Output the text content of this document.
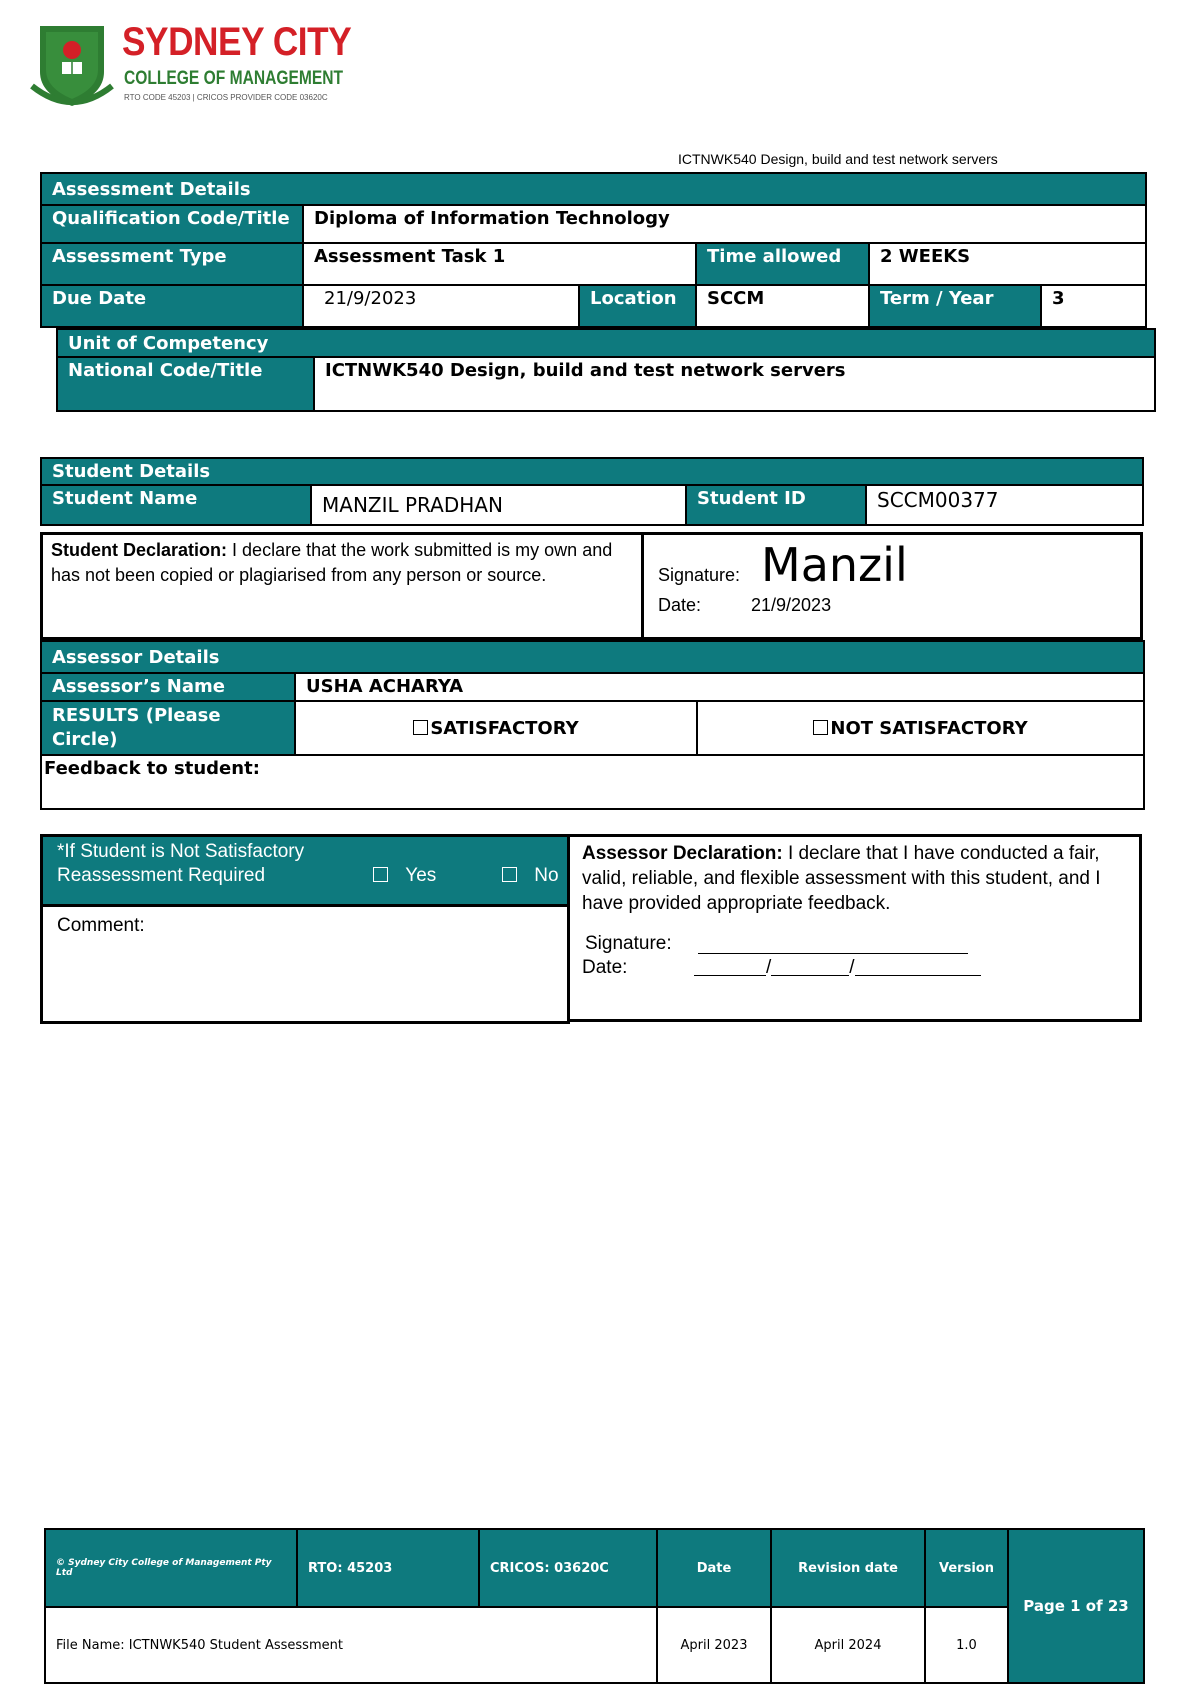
SYDNEY CITY
COLLEGE OF MANAGEMENT
RTO CODE 45203 | CRICOS PROVIDER CODE 03620C
ICTNWK540 Design, build and test network servers
Assessment Details					
Qualification Code/Title	Diploma of Information Technology				
Assessment Type	Assessment Task 1		Time allowed	2 WEEKS	
Due Date	21/9/2023	Location	SCCM	Term / Year	3
Unit of Competency
National Code/Title	ICTNWK540 Design, build and test network servers
Student Details
Student Name	MANZIL PRADHAN	Student ID	SCCM00377
Student Declaration: I declare that the work submitted is my own and has not been copied or plagiarised from any person or source.	Signature: Manzil
Date:	21/9/2023
Assessor Details		
Assessor’s Name	USHA ACHARYA	
RESULTS (Please Circle)	SATISFACTORY	NOT SATISFACTORY
Feedback to student:		
*If Student is Not Satisfactory
Reassessment Required	Yes	No
Comment:
Assessor Declaration: I declare that I have conducted a fair, valid, reliable, and flexible assessment with this student, and I have provided appropriate feedback.
Signature:
Date:	/	/
© Sydney City College of Management Pty Ltd	RTO: 45203	CRICOS: 03620C	Date	Revision date	Version	Page 1 of 23
File Name: ICTNWK540 Student Assessment			April 2023	April 2024	1.0	
